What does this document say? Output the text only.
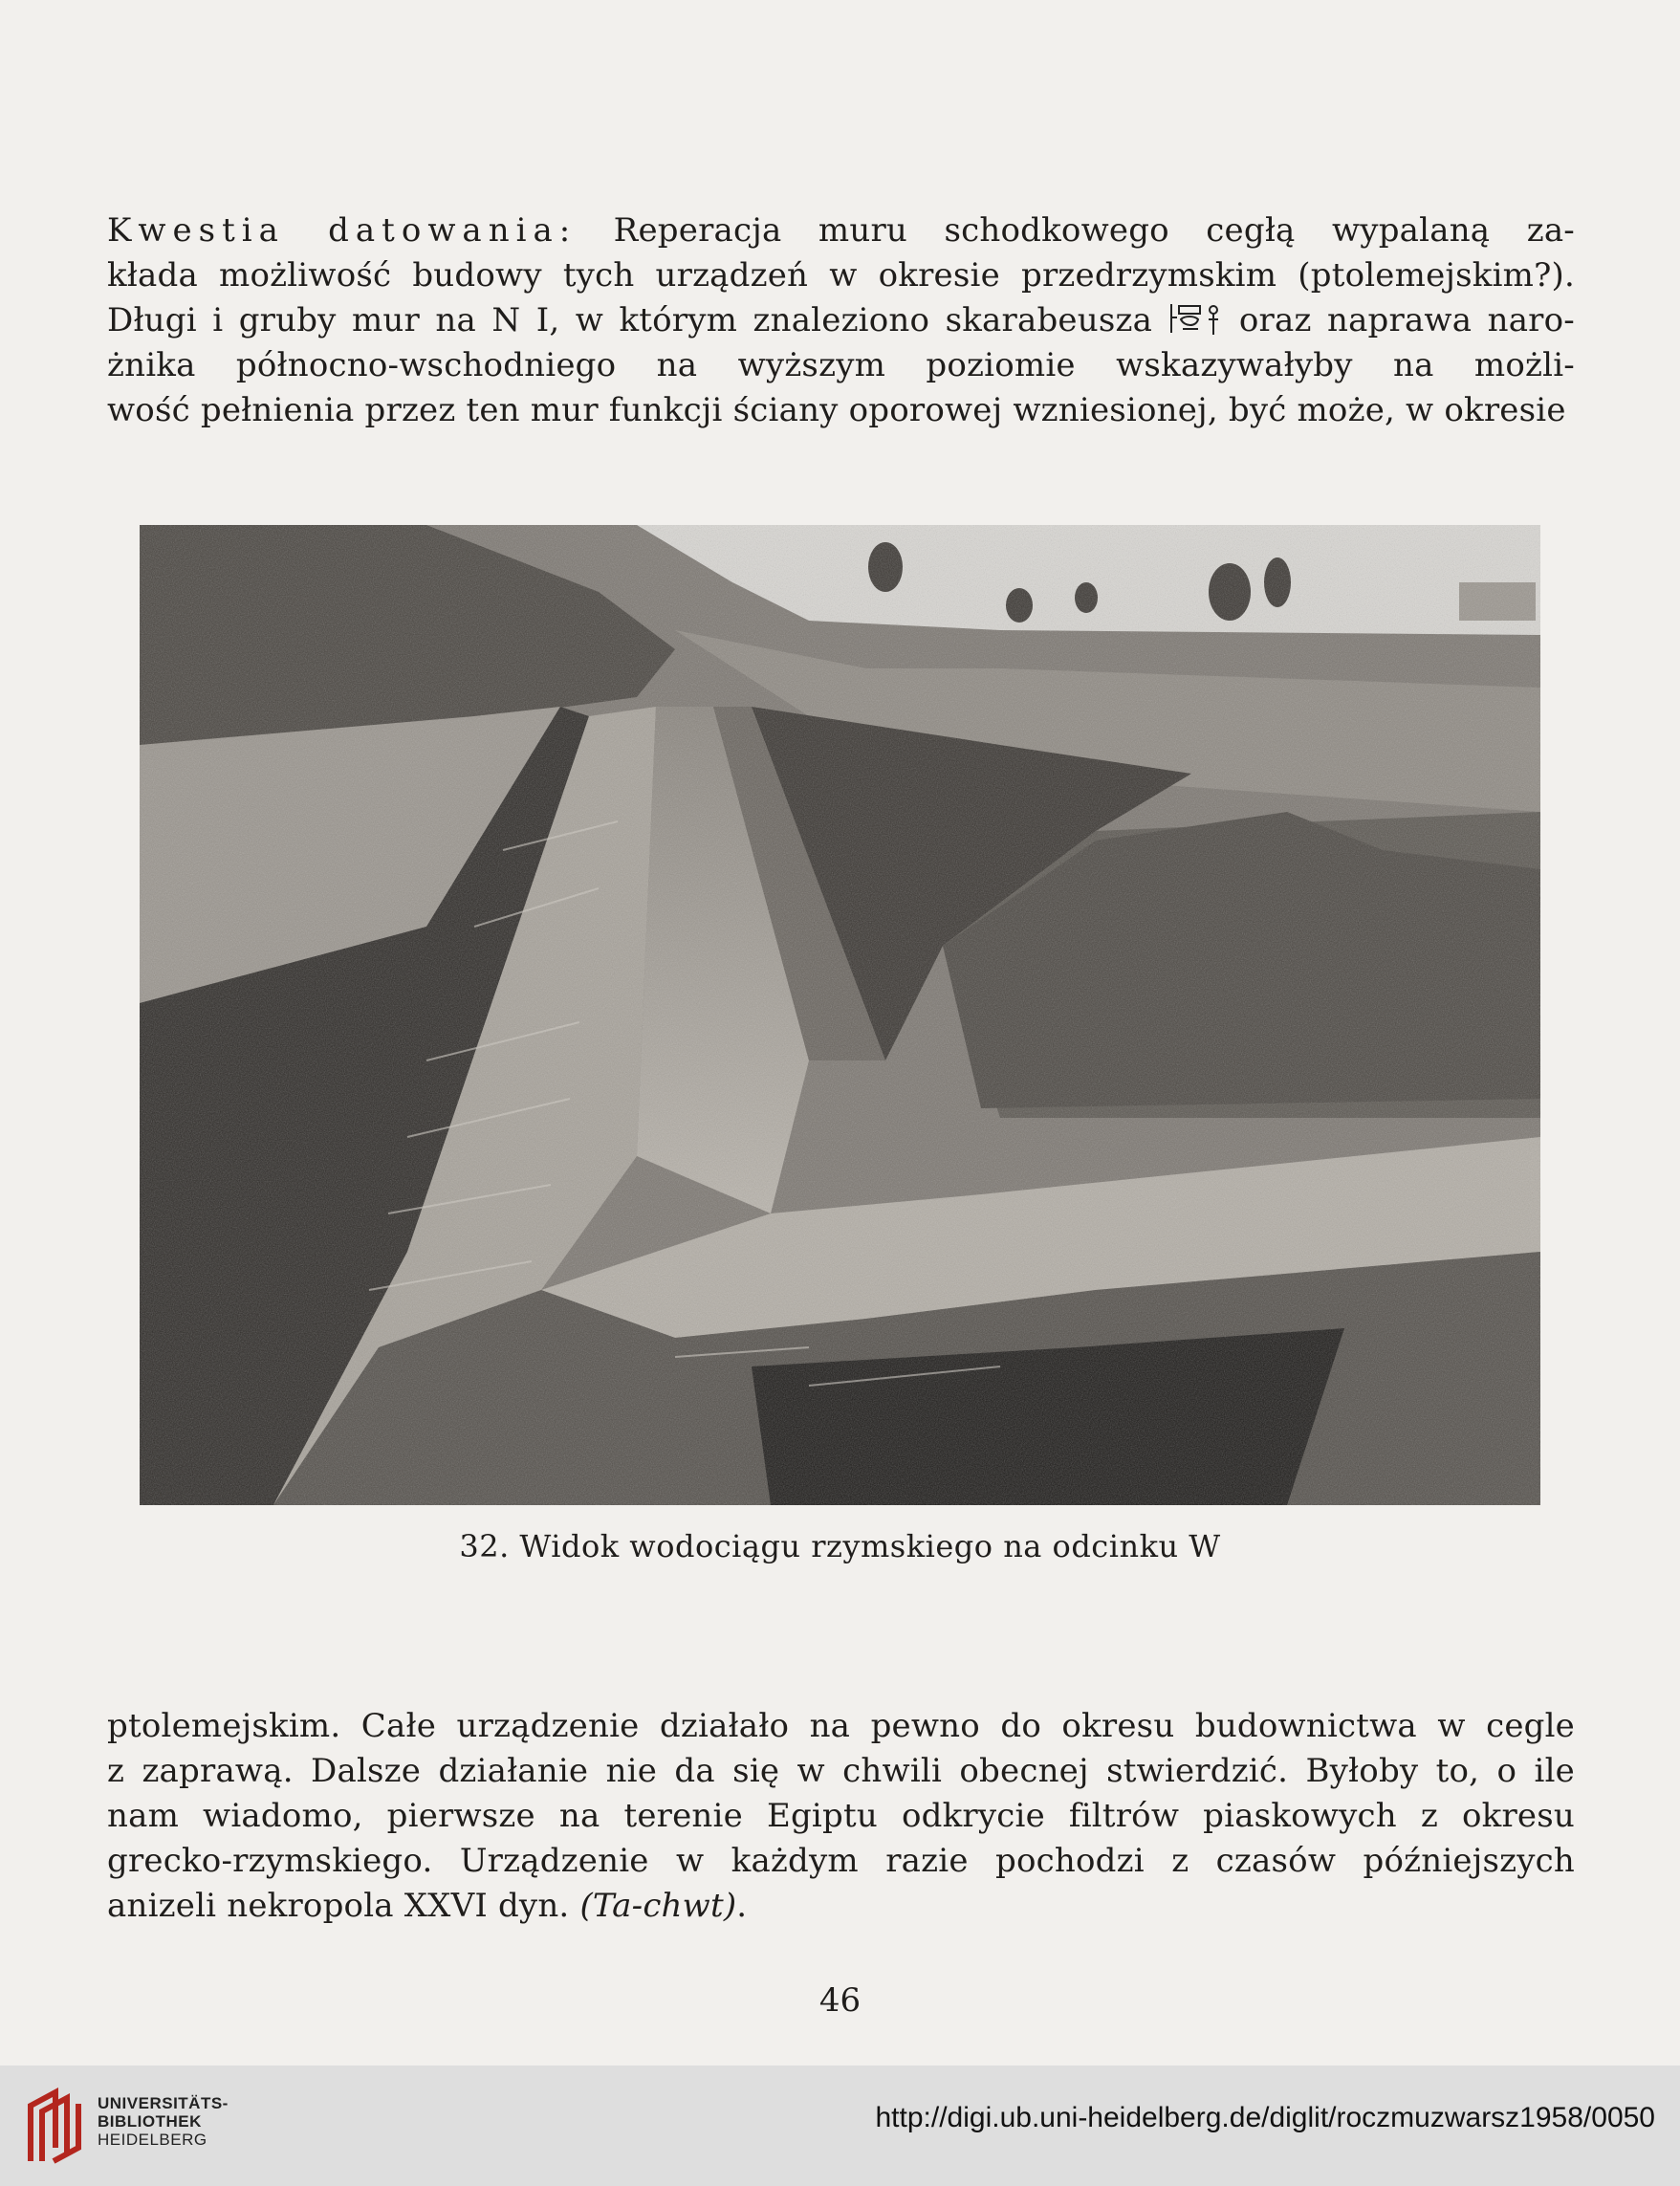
Kwestia datowania: Reperacja muru schodkowego cegłą wypalaną za-
kłada możliwość budowy tych urządzeń w okresie przedrzymskim (ptolemejskim?).
Długi i gruby mur na N I, w którym znaleziono skarabeusza  oraz naprawa naro-
żnika północno-wschodniego na wyższym poziomie wskazywałyby na możli-
wość pełnienia przez ten mur funkcji ściany oporowej wzniesionej, być może, w okresie
32. Widok wodociągu rzymskiego na odcinku W
ptolemejskim. Całe urządzenie działało na pewno do okresu budownictwa w cegle
z zaprawą. Dalsze działanie nie da się w chwili obecnej stwierdzić. Byłoby to, o ile
nam wiadomo, pierwsze na terenie Egiptu odkrycie filtrów piaskowych z okresu
grecko-rzymskiego. Urządzenie w każdym razie pochodzi z czasów późniejszych
anizeli nekropola XXVI dyn. (Ta-chwt).
46
UNIVERSITÄTS-
BIBLIOTHEK
HEIDELBERG
http://digi.ub.uni-heidelberg.de/diglit/roczmuzwarsz1958/0050
